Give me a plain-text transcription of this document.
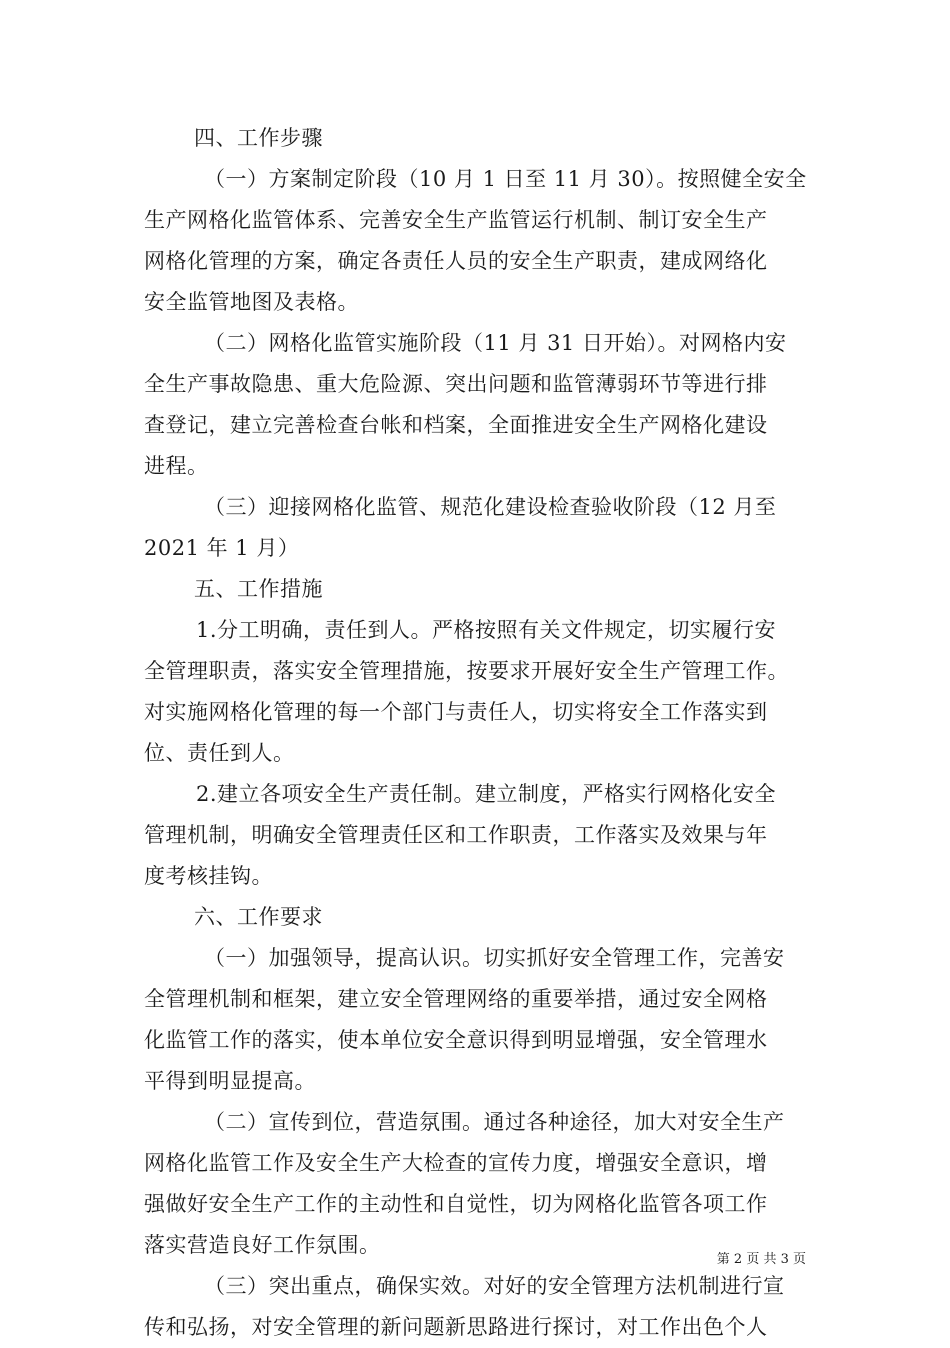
四、工作步骤
（一）方案制定阶段（10 月 1 日至 11 月 30）。按照健全安全
生产网格化监管体系、完善安全生产监管运行机制、制订安全生产
网格化管理的方案，确定各责任人员的安全生产职责，建成网络化
安全监管地图及表格。
（二）网格化监管实施阶段（11 月 31 日开始）。对网格内安
全生产事故隐患、重大危险源、突出问题和监管薄弱环节等进行排
查登记，建立完善检查台帐和档案，全面推进安全生产网格化建设
进程。
（三）迎接网格化监管、规范化建设检查验收阶段（12 月至
2021 年 1 月）
五、工作措施
1.分工明确，责任到人。严格按照有关文件规定，切实履行安
全管理职责，落实安全管理措施，按要求开展好安全生产管理工作。
对实施网格化管理的每一个部门与责任人，切实将安全工作落实到
位、责任到人。
2.建立各项安全生产责任制。建立制度，严格实行网格化安全
管理机制，明确安全管理责任区和工作职责，工作落实及效果与年
度考核挂钩。
六、工作要求
（一）加强领导，提高认识。切实抓好安全管理工作，完善安
全管理机制和框架，建立安全管理网络的重要举措，通过安全网格
化监管工作的落实，使本单位安全意识得到明显增强，安全管理水
平得到明显提高。
（二）宣传到位，营造氛围。通过各种途径，加大对安全生产
网格化监管工作及安全生产大检查的宣传力度，增强安全意识，增
强做好安全生产工作的主动性和自觉性，切为网格化监管各项工作
落实营造良好工作氛围。
（三）突出重点，确保实效。对好的安全管理方法机制进行宣
传和弘扬，对安全管理的新问题新思路进行探讨，对工作出色个人
第 2 页 共 3 页
